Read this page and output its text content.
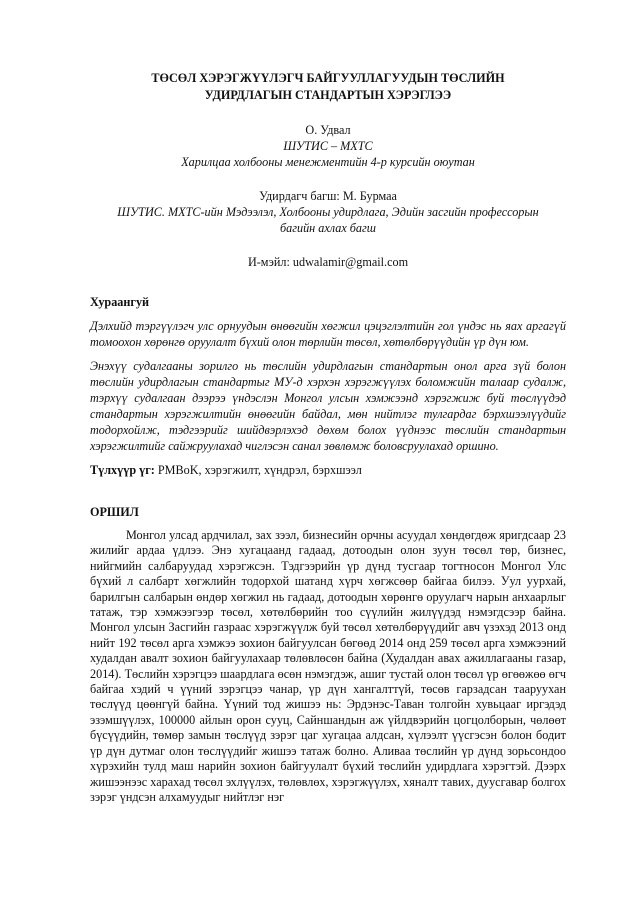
ТӨСӨЛ ХЭРЭГЖҮҮЛЭГЧ БАЙГУУЛЛАГУУДЫН ТӨСЛИЙН

УДИРДЛАГЫН СТАНДАРТЫН ХЭРЭГЛЭЭ

О. Удвал

ШУТИС – МХТС

Харилцаа холбооны менежментийн 4-р курсийн оюутан

Удирдагч багш: М. Бурмаа

ШУТИС. МХТС-ийн Мэдээлэл, Холбооны удирдлага, Эдийн засгийн профессорын

багийн ахлах багш

И-мэйл: udwalamir@gmail.com

Хураангуй

Дэлхийд тэргүүлэгч улс орнуудын өнөөгийн хөгжил цэцэглэлтийн гол үндэс нь яах аргагүй томоохон хөрөнгө оруулалт бүхий олон төрлийн төсөл, хөтөлбөрүүдийн үр дүн юм.

Энэхүү судалгааны зорилго нь төслийн удирдлагын стандартын онол арга зүй болон төслийн удирдлагын стандартыг МУ-д хэрхэн хэрэгжүүлэх боломжийн талаар судалж, тэрхүү судалгаан дээрээ үндэслэн Монгол улсын хэмжээнд хэрэгжиж буй төслүүдэд стандартын хэрэгжилтийн өнөөгийн байдал, мөн нийтлэг тулгардаг бэрхшээлүүдийг тодорхойлж, тэдгээрийг шийдвэрлэхэд дөхөм болох үүднээс төслийн стандартын хэрэгжилтийг сайжруулахад чиглэсэн санал зөвлөмж боловсруулахад оршино.

Түлхүүр үг: PMBoK, хэрэгжилт, хүндрэл, бэрхшээл

ОРШИЛ

Монгол улсад ардчилал, зах зээл, бизнесийн орчны асуудал хөндөгдөж яригдсаар 23 жилийг ардаа үдлээ. Энэ хугацаанд гадаад, дотоодын олон зуун төсөл төр, бизнес, нийгмийн салбаруудад хэрэгжсэн. Тэдгээрийн үр дүнд тусгаар тогтносон Монгол Улс бүхий л салбарт хөгжлийн тодорхой шатанд хүрч хөгжсөөр байгаа билээ. Уул уурхай, барилгын салбарын өндөр хөгжил нь гадаад, дотоодын хөрөнгө оруулагч нарын анхаарлыг татаж, тэр хэмжээгээр төсөл, хөтөлбөрийн тоо сүүлийн жилүүдэд нэмэгдсээр байна. Монгол улсын Засгийн газраас хэрэгжүүлж буй төсөл хөтөлбөрүүдийг авч үзэхэд 2013 онд нийт 192 төсөл арга хэмжээ зохион байгуулсан бөгөөд 2014 онд 259 төсөл арга хэмжээний худалдан авалт зохион байгуулахаар төлөвлөсөн байна (Худалдан авах ажиллагааны газар, 2014). Төслийн хэрэгцээ шаардлага өсөн нэмэгдэж, ашиг тустай олон төсөл үр өгөөжөө өгч байгаа хэдий ч үүний зэрэгцээ чанар, үр дүн хангалттүй, төсөв гарзадсан тааруухан төслүүд цөөнгүй байна. Үүний тод жишээ нь: Эрдэнэс-Таван толгойн хувьцааг иргэдэд эзэмшүүлэх, 100000 айлын орон сууц, Сайншандын аж үйлдвэрийн цогцолборын, чөлөөт бүсүүдийн, төмөр замын төслүүд зэрэг цаг хугацаа алдсан, хүлээлт үүсгэсэн болон бодит үр дүн дутмаг олон төслүүдийг жишээ татаж болно. Аливаа төслийн үр дүнд зорьсондоо хүрэхийн тулд маш нарийн зохион байгуулалт бүхий төслийн удирдлага хэрэгтэй. Дээрх жишээнээс харахад төсөл эхлүүлэх, төлөвлөх, хэрэгжүүлэх, хяналт тавих, дуусгавар болгох зэрэг үндсэн алхамуудыг нийтлэг нэг
